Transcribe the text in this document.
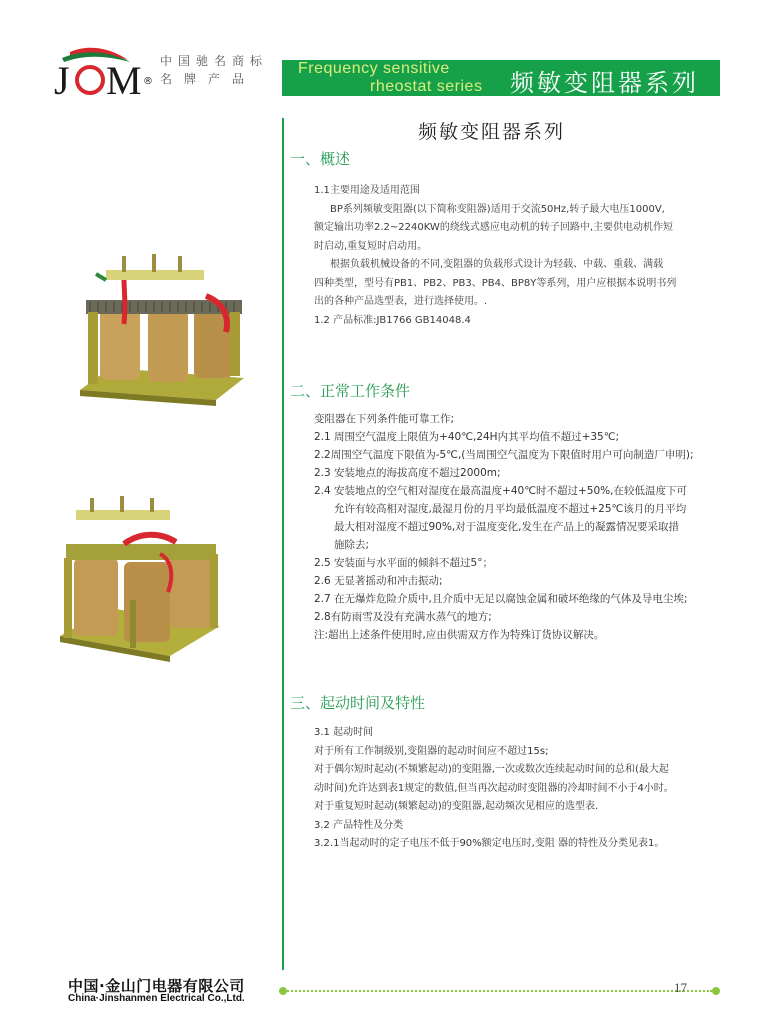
J M ®
中国驰名商标
名牌产品
Frequency sensitive
rheostat series 频敏变阻器系列
频敏变阻器系列
一、概述

1.1主要用途及适用范围

BP系列频敏变阻器(以下简称变阻器)适用于交流50Hz,转子最大电压1000V,

额定输出功率2.2~2240KW的绕线式感应电动机的转子回路中,主要供电动机作短

时启动,重复短时启动用。

根据负载机械设备的不同,变阻器的负载形式设计为轻载、中载、重载、满载

四种类型，型号有PB1、PB2、PB3、PB4、BP8Y等系列，用户应根据本说明书列

出的各种产品选型表，进行选择使用。.

1.2 产品标准:JB1766 GB14048.4

二、正常工作条件

变阻器在下列条件能可靠工作;

2.1 周围空气温度上限值为+40℃,24H内其平均值不超过+35℃;

2.2周围空气温度下限值为-5℃,(当周围空气温度为下限值时用户可向制造厂申明);

2.3 安装地点的海拔高度不超过2000m;

2.4 安装地点的空气相对湿度在最高温度+40℃时不超过+50%,在较低温度下可

允许有较高相对湿度,最湿月份的月平均最低温度不超过+25℃该月的月平均

最大相对湿度不超过90%,对于温度变化,发生在产品上的凝露情况要采取措

施除去;

2.5 安装面与水平面的倾斜不超过5°；

2.6 无显著摇动和冲击振动;

2.7 在无爆炸危险介质中,且介质中无足以腐蚀金属和破坏绝缘的气体及导电尘埃;

2.8有防雨雪及没有充满水蒸气的地方;

注:超出上述条件使用时,应由供需双方作为特殊订货协议解决。

三、起动时间及特性

3.1 起动时间

对于所有工作制级别,变阻器的起动时间应不超过15s;

对于偶尔短时起动(不频繁起动)的变阻器,一次或数次连续起动时间的总和(最大起

动时间)允许达到表1规定的数值,但当再次起动时变阻器的冷却时间不小于4小时。

对于重复短时起动(频繁起动)的变阻器,起动频次见相应的选型表.

3.2 产品特性及分类

3.2.1当起动时的定子电压不低于90%额定电压时,变阻 器的特性及分类见表1。

中国·金山门电器有限公司
China·Jinshanmen Electrical Co.,Ltd.
17
